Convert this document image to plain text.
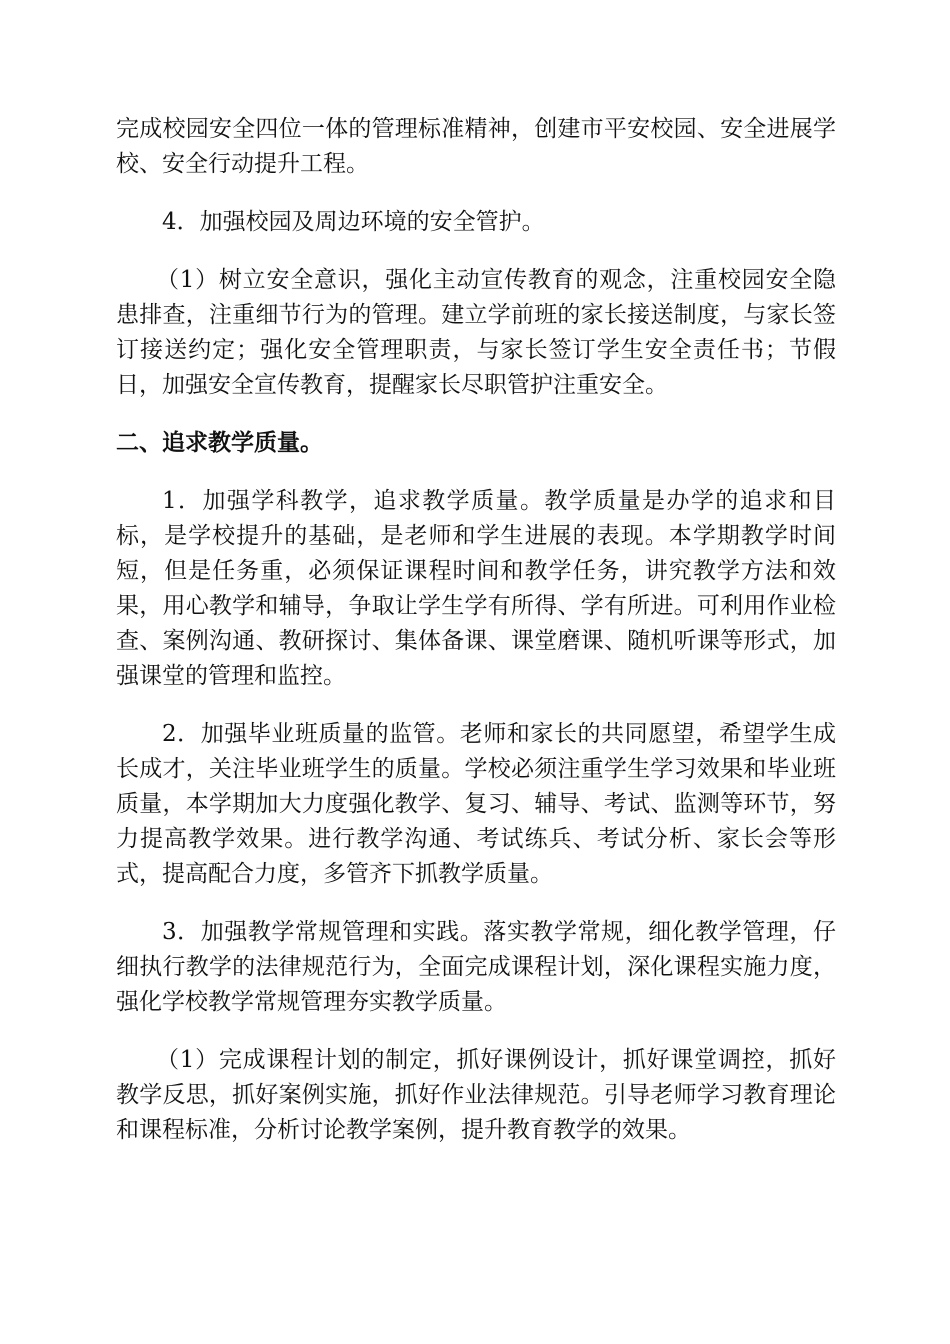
完成校园安全四位一体的管理标准精神，创建市平安校园、安全进展学校、安全行动提升工程。

4．加强校园及周边环境的安全管护。

（1）树立安全意识，强化主动宣传教育的观念，注重校园安全隐患排查，注重细节行为的管理。建立学前班的家长接送制度，与家长签订接送约定；强化安全管理职责，与家长签订学生安全责任书；节假日，加强安全宣传教育，提醒家长尽职管护注重安全。

二、追求教学质量。

1．加强学科教学，追求教学质量。教学质量是办学的追求和目标，是学校提升的基础，是老师和学生进展的表现。本学期教学时间短，但是任务重，必须保证课程时间和教学任务，讲究教学方法和效果，用心教学和辅导，争取让学生学有所得、学有所进。可利用作业检查、案例沟通、教研探讨、集体备课、课堂磨课、随机听课等形式，加强课堂的管理和监控。

2．加强毕业班质量的监管。老师和家长的共同愿望，希望学生成长成才，关注毕业班学生的质量。学校必须注重学生学习效果和毕业班质量，本学期加大力度强化教学、复习、辅导、考试、监测等环节，努力提高教学效果。进行教学沟通、考试练兵、考试分析、家长会等形式，提高配合力度，多管齐下抓教学质量。

3．加强教学常规管理和实践。落实教学常规，细化教学管理，仔细执行教学的法律规范行为，全面完成课程计划，深化课程实施力度，强化学校教学常规管理夯实教学质量。

（1）完成课程计划的制定，抓好课例设计，抓好课堂调控，抓好教学反思，抓好案例实施，抓好作业法律规范。引导老师学习教育理论和课程标准，分析讨论教学案例，提升教育教学的效果。
